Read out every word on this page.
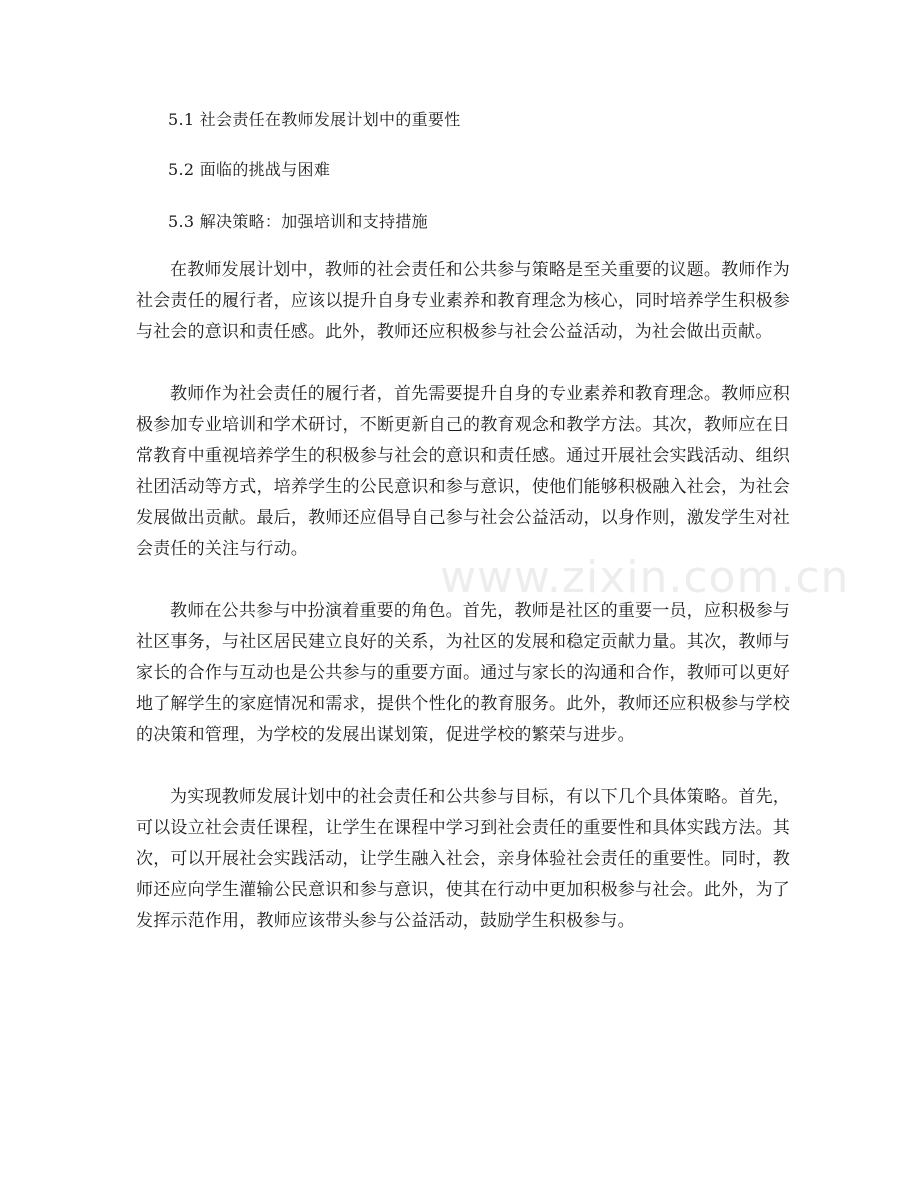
5.1 社会责任在教师发展计划中的重要性
5.2 面临的挑战与困难
5.3 解决策略：加强培训和支持措施

在教师发展计划中，教师的社会责任和公共参与策略是至关重要的议题。教师作为社会责任的履行者，应该以提升自身专业素养和教育理念为核心，同时培养学生积极参与社会的意识和责任感。此外，教师还应积极参与社会公益活动，为社会做出贡献。

教师作为社会责任的履行者，首先需要提升自身的专业素养和教育理念。教师应积极参加专业培训和学术研讨，不断更新自己的教育观念和教学方法。其次，教师应在日常教育中重视培养学生的积极参与社会的意识和责任感。通过开展社会实践活动、组织社团活动等方式，培养学生的公民意识和参与意识，使他们能够积极融入社会，为社会发展做出贡献。最后，教师还应倡导自己参与社会公益活动，以身作则，激发学生对社会责任的关注与行动。

教师在公共参与中扮演着重要的角色。首先，教师是社区的重要一员，应积极参与社区事务，与社区居民建立良好的关系，为社区的发展和稳定贡献力量。其次，教师与家长的合作与互动也是公共参与的重要方面。通过与家长的沟通和合作，教师可以更好地了解学生的家庭情况和需求，提供个性化的教育服务。此外，教师还应积极参与学校的决策和管理，为学校的发展出谋划策，促进学校的繁荣与进步。

为实现教师发展计划中的社会责任和公共参与目标，有以下几个具体策略。首先，可以设立社会责任课程，让学生在课程中学习到社会责任的重要性和具体实践方法。其次，可以开展社会实践活动，让学生融入社会，亲身体验社会责任的重要性。同时，教师还应向学生灌输公民意识和参与意识，使其在行动中更加积极参与社会。此外，为了发挥示范作用，教师应该带头参与公益活动，鼓励学生积极参与。

www.zixin.com.cn
